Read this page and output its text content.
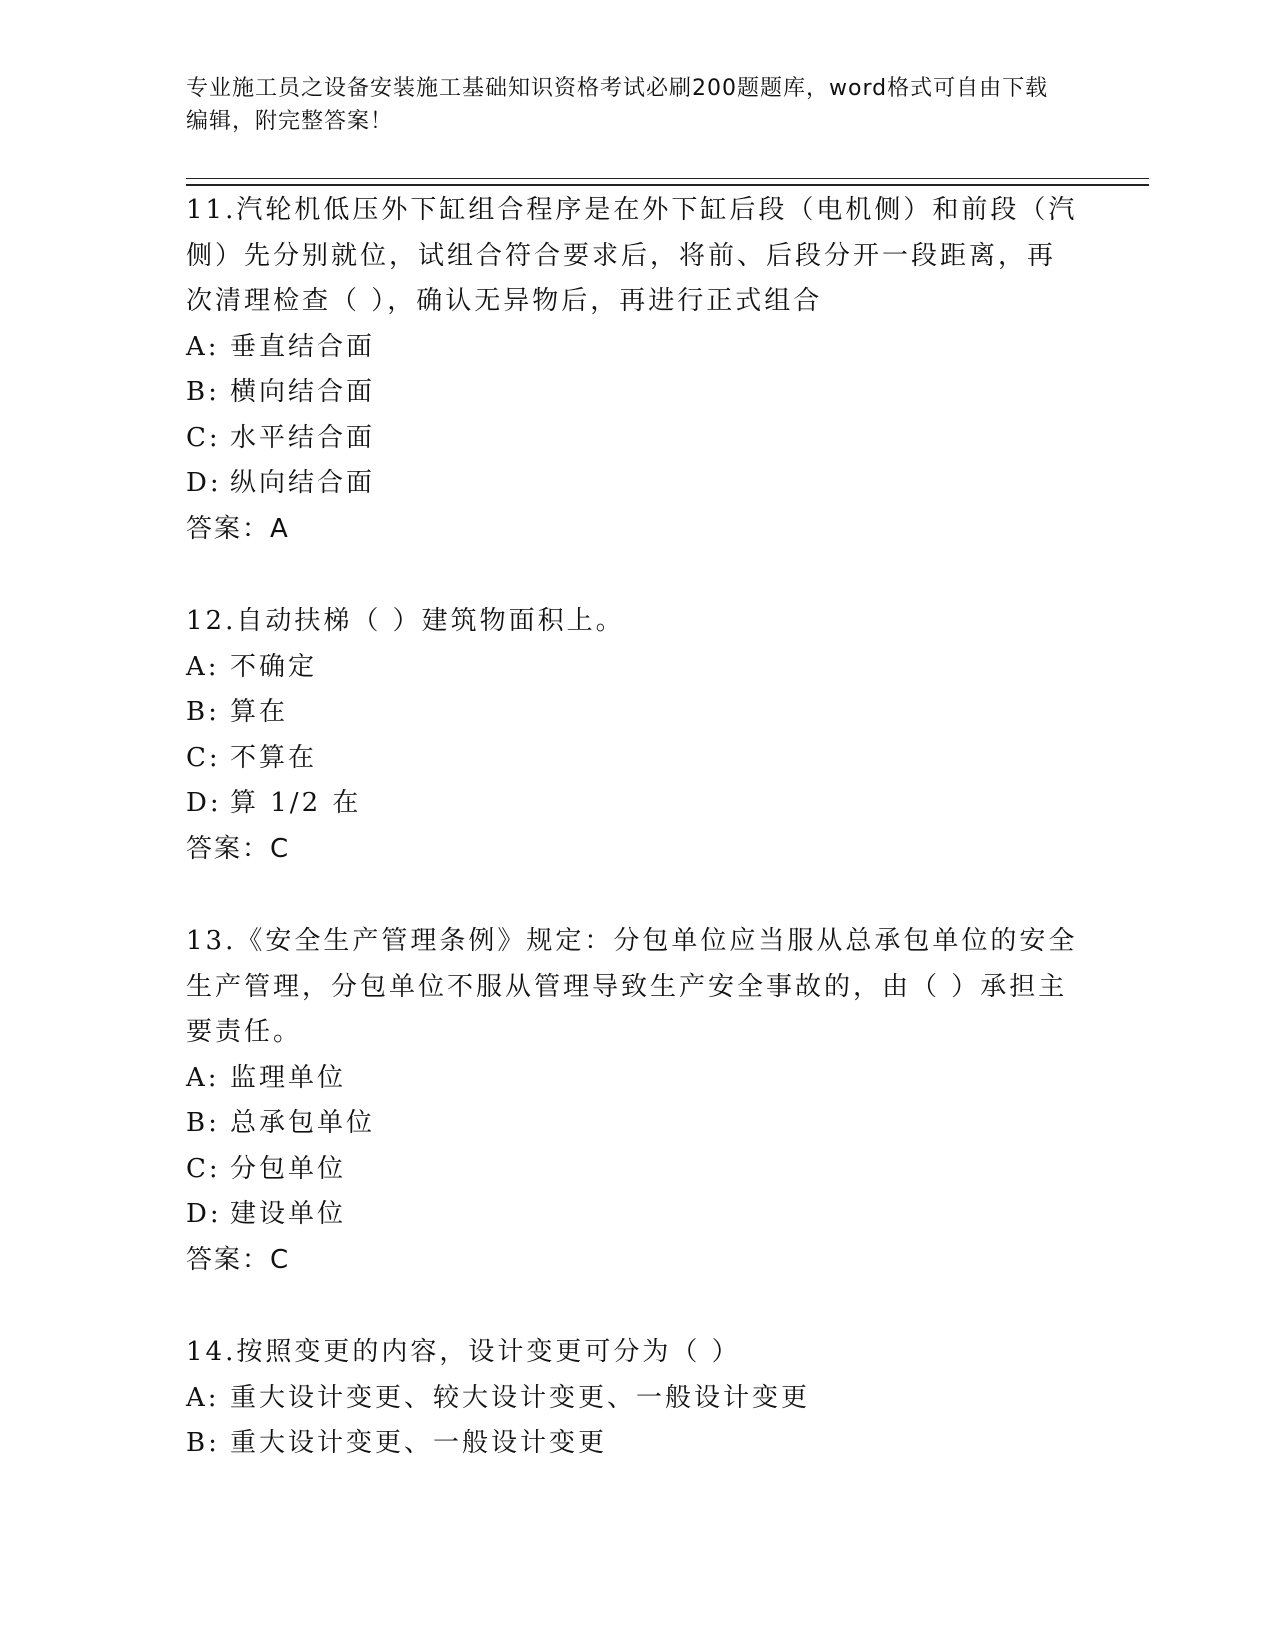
专业施工员之设备安装施工基础知识资格考试必刷200题题库，word格式可自由下载编辑，附完整答案！
11.汽轮机低压外下缸组合程序是在外下缸后段（电机侧）和前段（汽侧）先分别就位，试组合符合要求后，将前、后段分开一段距离，再次清理检查（ ），确认无异物后，再进行正式组合
A: 垂直结合面
B: 横向结合面
C: 水平结合面
D: 纵向结合面
答案：A
12.自动扶梯（ ）建筑物面积上。
A: 不确定
B: 算在
C: 不算在
D: 算 1/2 在
答案：C
13.《安全生产管理条例》规定：分包单位应当服从总承包单位的安全生产管理，分包单位不服从管理导致生产安全事故的，由（ ）承担主要责任。
A: 监理单位
B: 总承包单位
C: 分包单位
D: 建设单位
答案：C
14.按照变更的内容，设计变更可分为（ ）
A: 重大设计变更、较大设计变更、一般设计变更
B: 重大设计变更、一般设计变更
